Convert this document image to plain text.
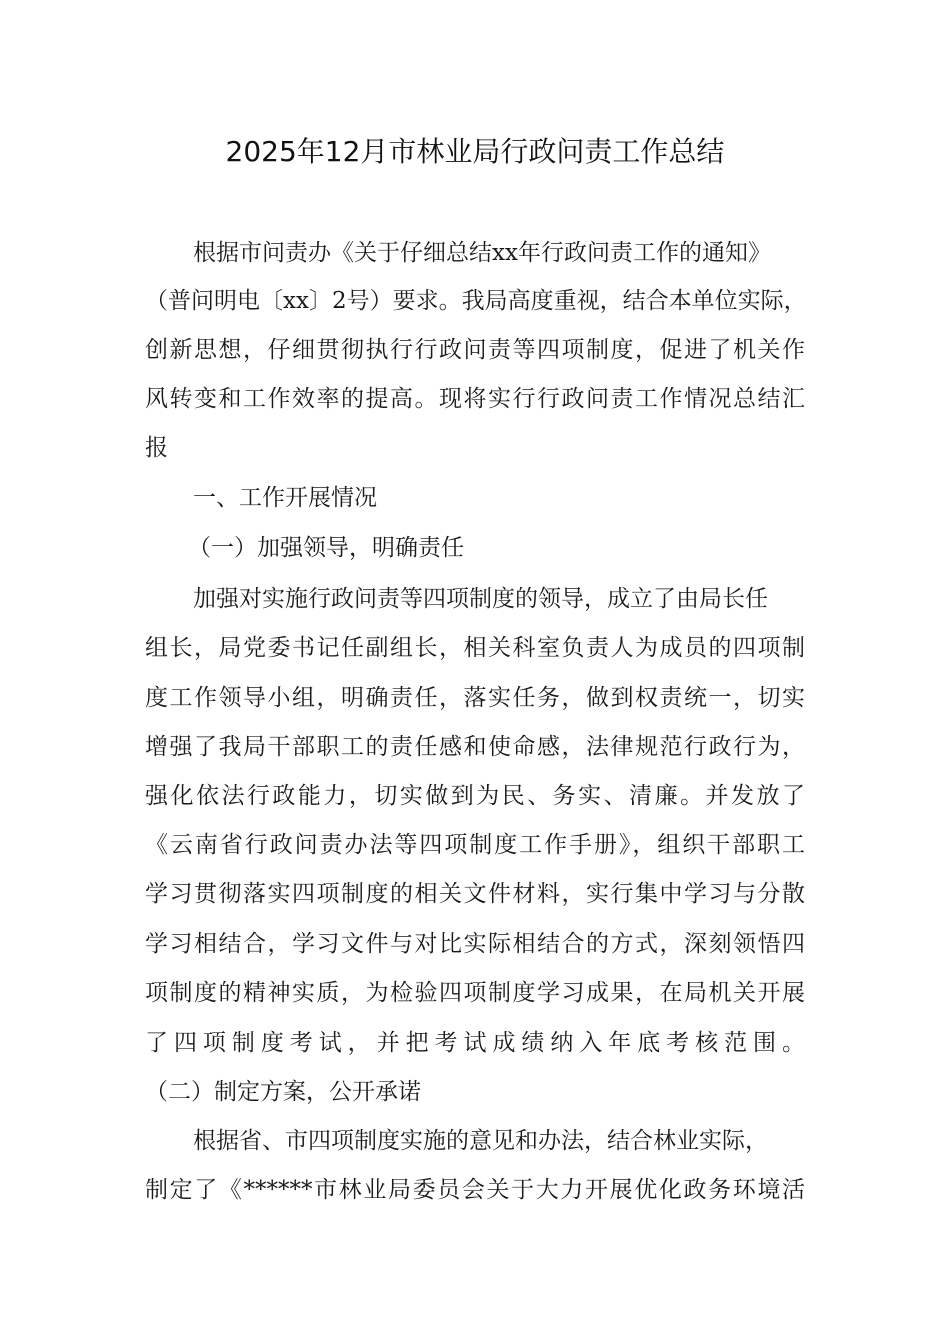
2025年12月市林业局行政问责工作总结
根据市问责办《关于仔细总结xx年行政问责工作的通知》
（普问明电〔xx〕2号）要求。我局高度重视，结合本单位实际，
创新思想，仔细贯彻执行行政问责等四项制度，促进了机关作
风转变和工作效率的提高。现将实行行政问责工作情况总结汇
报
一、工作开展情况
（一）加强领导，明确责任
加强对实施行政问责等四项制度的领导，成立了由局长任
组长，局党委书记任副组长，相关科室负责人为成员的四项制
度工作领导小组，明确责任，落实任务，做到权责统一，切实
增强了我局干部职工的责任感和使命感，法律规范行政行为，
强化依法行政能力，切实做到为民、务实、清廉。并发放了
《云南省行政问责办法等四项制度工作手册》，组织干部职工
学习贯彻落实四项制度的相关文件材料，实行集中学习与分散
学习相结合，学习文件与对比实际相结合的方式，深刻领悟四
项制度的精神实质，为检验四项制度学习成果，在局机关开展
了四项制度考试，并把考试成绩纳入年底考核范围。
（二）制定方案，公开承诺
根据省、市四项制度实施的意见和办法，结合林业实际，
制定了《******市林业局委员会关于大力开展优化政务环境活
